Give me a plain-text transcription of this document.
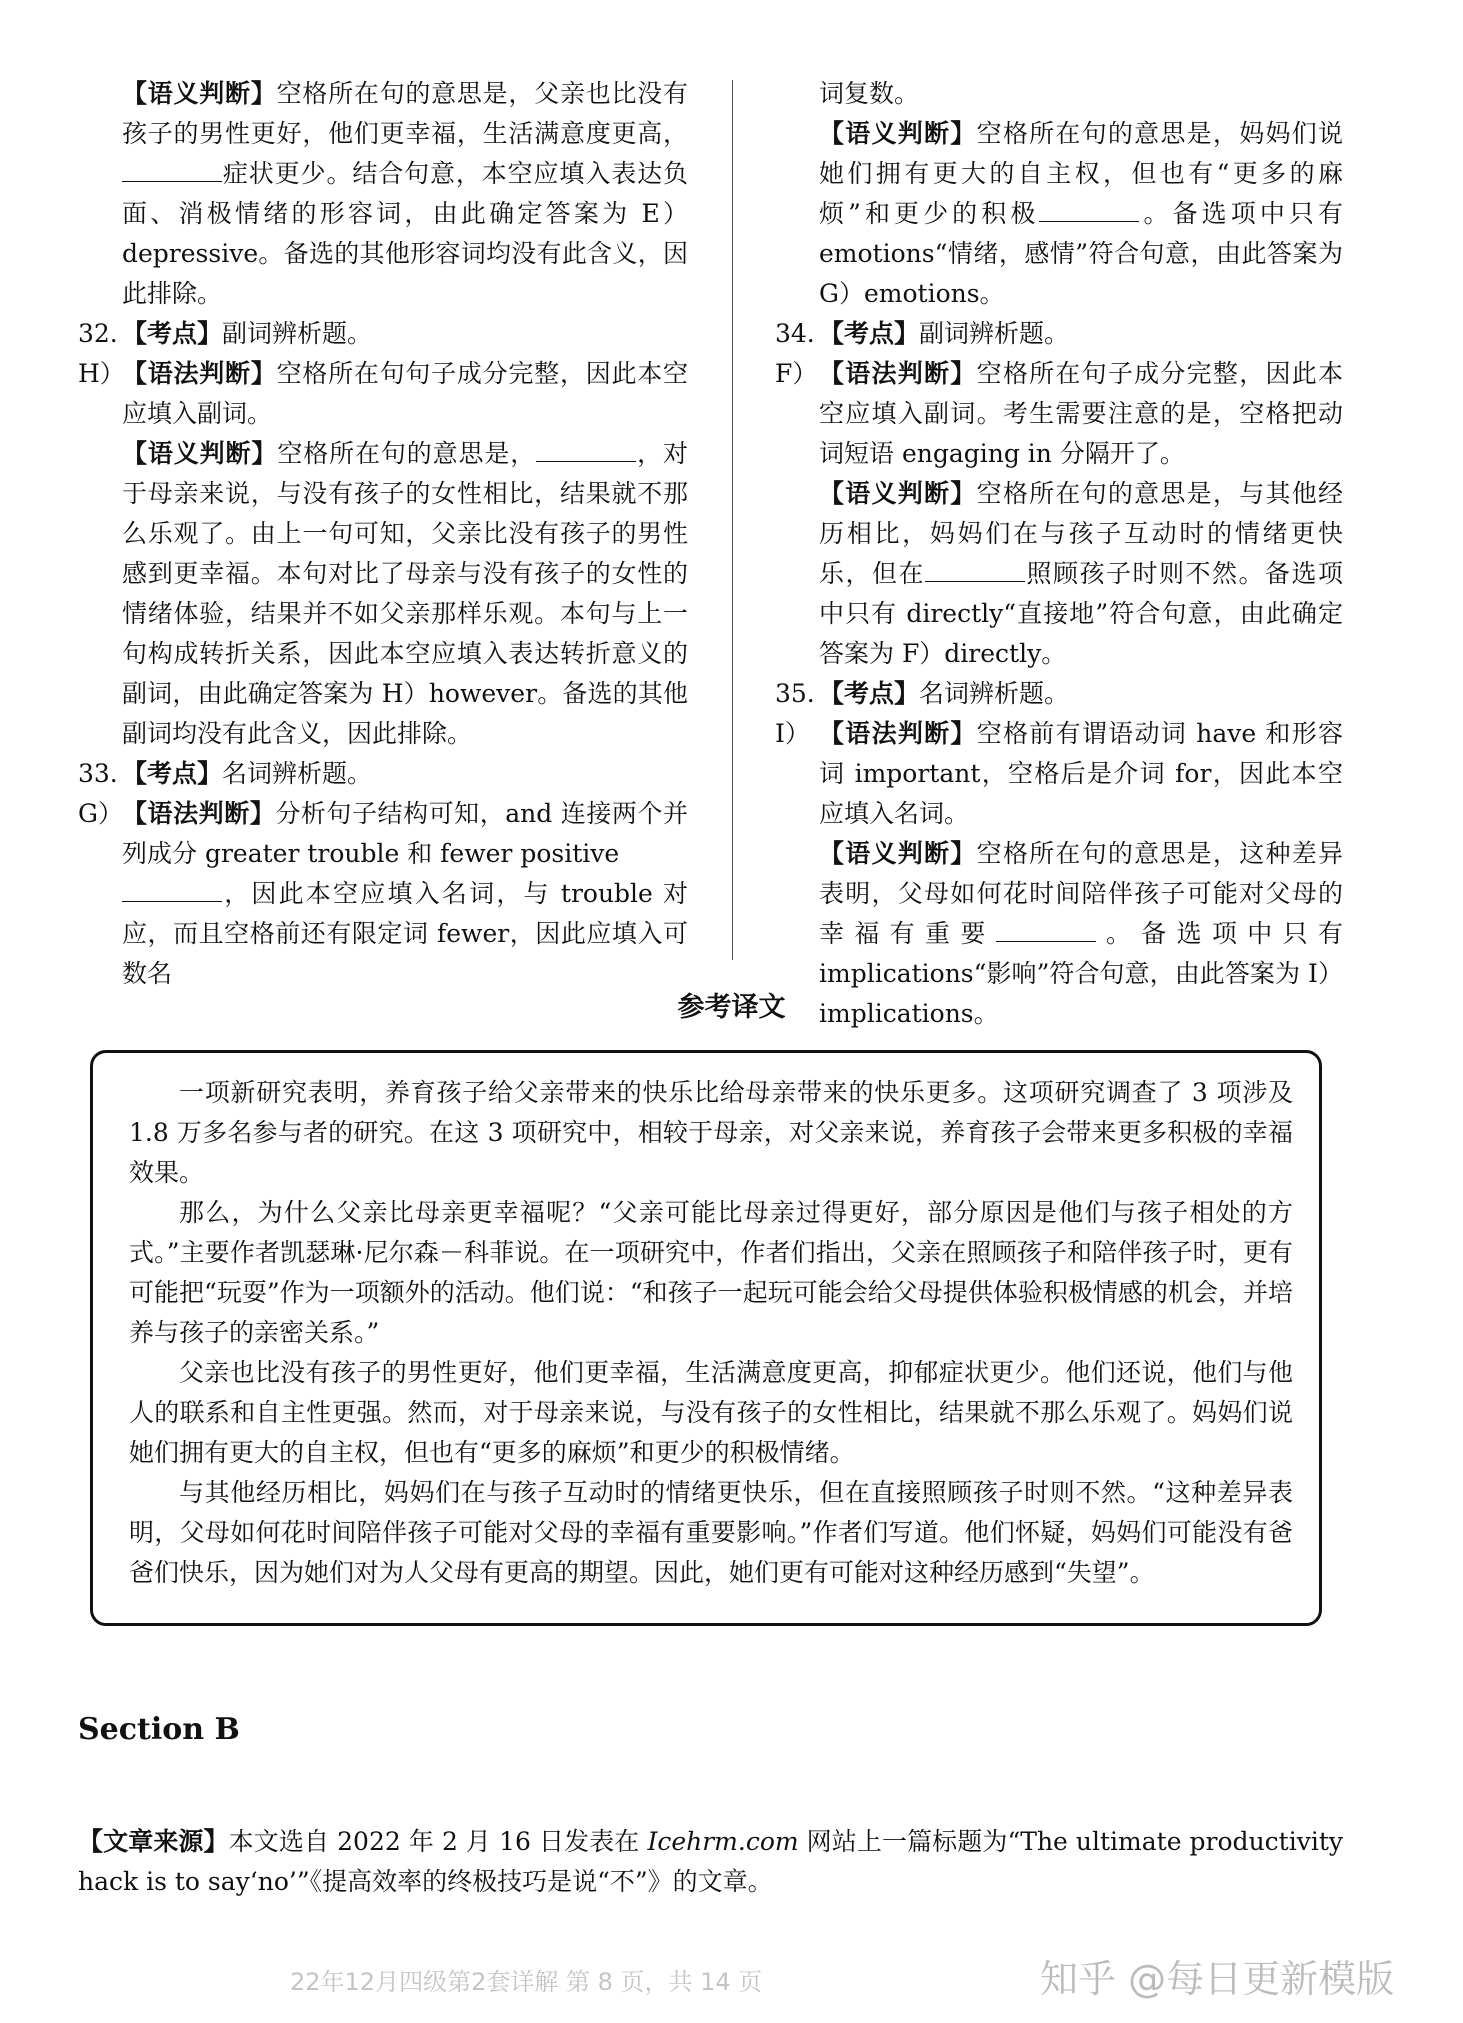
【语义判断】空格所在句的意思是，父亲也比没有孩子的男性更好，他们更幸福，生活满意度更高，症状更少。结合句意，本空应填入表达负面、消极情绪的形容词，由此确定答案为 E）depressive。备选的其他形容词均没有此含义，因此排除。
32. 【考点】副词辨析题。
H）
【语法判断】空格所在句句子成分完整，因此本空应填入副词。
【语义判断】空格所在句的意思是，	，对于母亲来说，与没有孩子的女性相比，结果就不那么乐观了。由上一句可知，父亲比没有孩子的男性感到更幸福。本句对比了母亲与没有孩子的女性的情绪体验，结果并不如父亲那样乐观。本句与上一句构成转折关系，因此本空应填入表达转折意义的副词，由此确定答案为 H）however。备选的其他副词均没有此含义，因此排除。
33. 【考点】名词辨析题。
G） 【语法判断】分析句子结构可知，and 连接两个并列成分 greater trouble 和 fewer positive
，因此本空应填入名词，与 trouble 对应，而且空格前还有限定词 fewer，因此应填入可数名
词复数。
【语义判断】空格所在句的意思是，妈妈们说她们拥有更大的自主权，但也有“更多的麻烦”和更少的积极	。备选项中只有 emotions“情绪，感情”符合句意，由此答案为 G）emotions。
34. 【考点】副词辨析题。
F） 【语法判断】空格所在句子成分完整，因此本空应填入副词。考生需要注意的是，空格把动词短语 engaging in 分隔开了。
【语义判断】空格所在句的意思是，与其他经历相比，妈妈们在与孩子互动时的情绪更快乐，但在	照顾孩子时则不然。备选项中只有 directly“直接地”符合句意，由此确定答案为 F）directly。
35. 【考点】名词辨析题。
I） 【语法判断】空格前有谓语动词 have 和形容词 important，空格后是介词 for，因此本空应填入名词。
【语义判断】空格所在句的意思是，这种差异表明，父母如何花时间陪伴孩子可能对父母的幸福有重要	。备选项中只有 implications“影响”符合句意，由此答案为 I）implications。
参考译文

一项新研究表明，养育孩子给父亲带来的快乐比给母亲带来的快乐更多。这项研究调查了 3 项涉及 1.8 万多名参与者的研究。在这 3 项研究中，相较于母亲，对父亲来说，养育孩子会带来更多积极的幸福效果。

那么，为什么父亲比母亲更幸福呢？“父亲可能比母亲过得更好，部分原因是他们与孩子相处的方式。”主要作者凯瑟琳·尼尔森－科菲说。在一项研究中，作者们指出，父亲在照顾孩子和陪伴孩子时，更有可能把“玩耍”作为一项额外的活动。他们说：“和孩子一起玩可能会给父母提供体验积极情感的机会，并培养与孩子的亲密关系。”

父亲也比没有孩子的男性更好，他们更幸福，生活满意度更高，抑郁症状更少。他们还说，他们与他人的联系和自主性更强。然而，对于母亲来说，与没有孩子的女性相比，结果就不那么乐观了。妈妈们说她们拥有更大的自主权，但也有“更多的麻烦”和更少的积极情绪。

与其他经历相比，妈妈们在与孩子互动时的情绪更快乐，但在直接照顾孩子时则不然。“这种差异表明，父母如何花时间陪伴孩子可能对父母的幸福有重要影响。”作者们写道。他们怀疑，妈妈们可能没有爸爸们快乐，因为她们对为人父母有更高的期望。因此，她们更有可能对这种经历感到“失望”。

Section B
【文章来源】本文选自 2022 年 2 月 16 日发表在 Icehrm.com 网站上一篇标题为“The ultimate productivity hack is to say‘no’”《提高效率的终极技巧是说“不”》的文章。
22年12月四级第2套详解 第 8 页，共 14 页	知乎 @每日更新模版
